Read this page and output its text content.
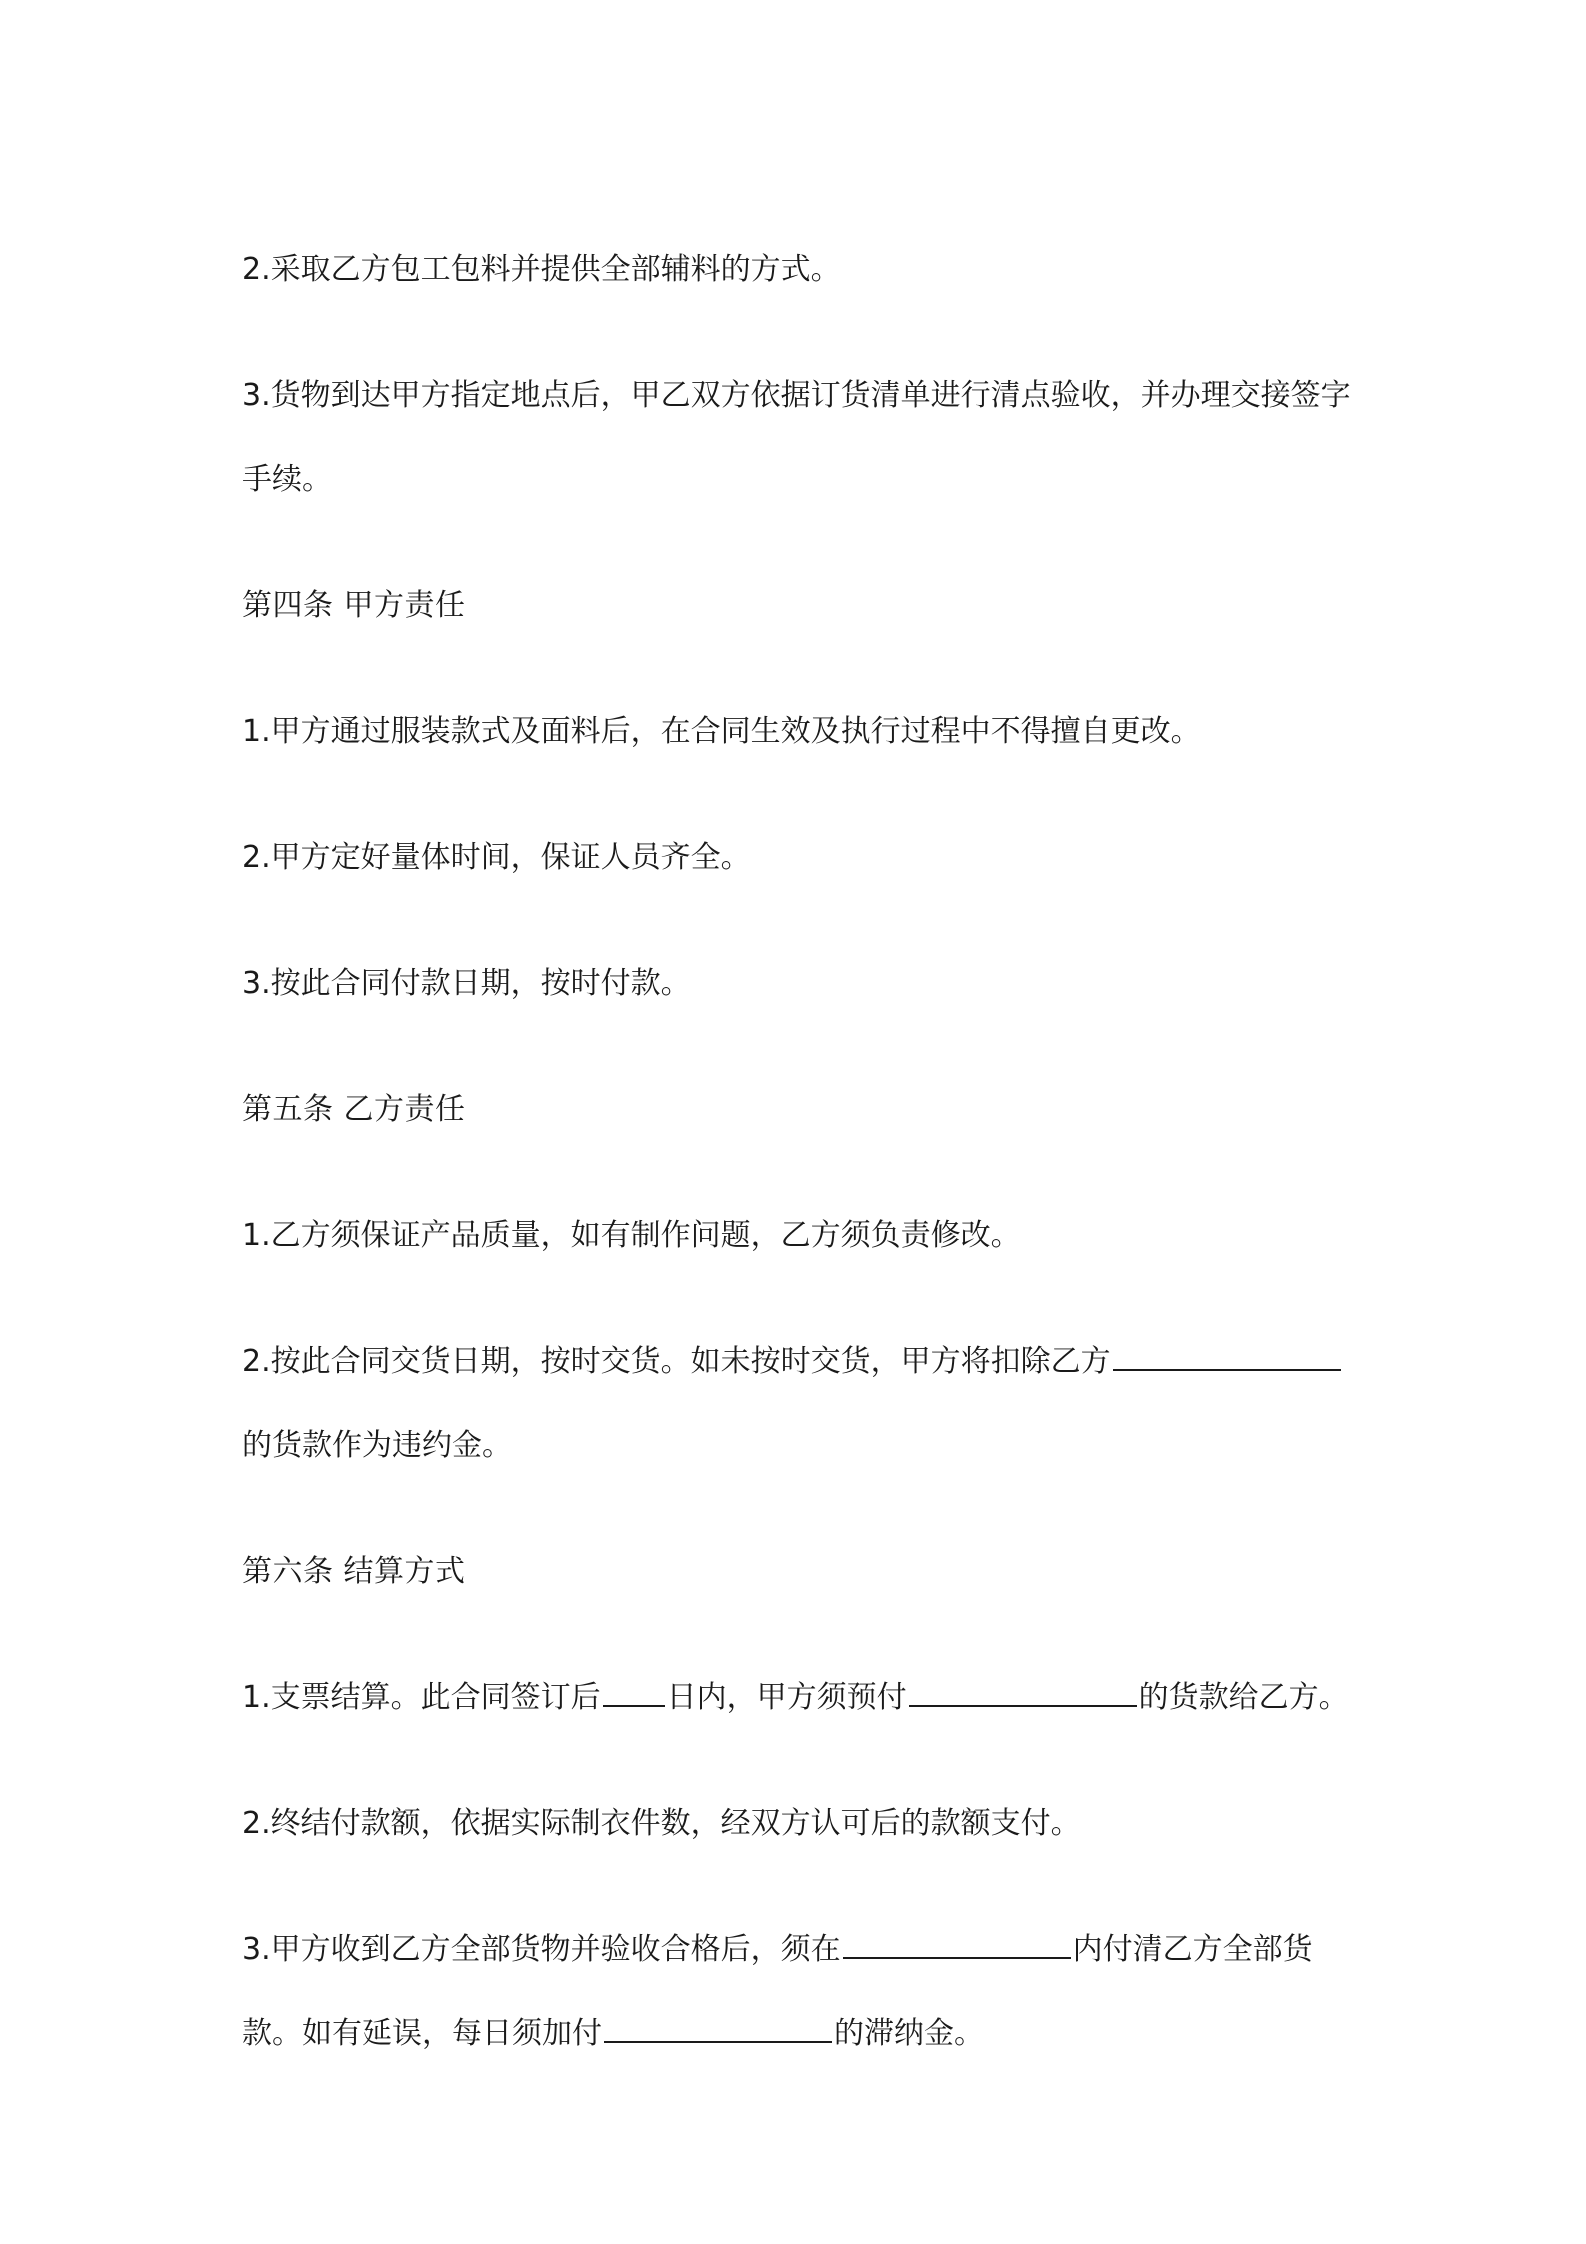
2.采取乙方包工包料并提供全部辅料的方式。

3.货物到达甲方指定地点后，甲乙双方依据订货清单进行清点验收，并办理交接签字手续。

第四条 甲方责任

1.甲方通过服装款式及面料后，在合同生效及执行过程中不得擅自更改。

2.甲方定好量体时间，保证人员齐全。

3.按此合同付款日期，按时付款。

第五条 乙方责任

1.乙方须保证产品质量，如有制作问题，乙方须负责修改。

2.按此合同交货日期，按时交货。如未按时交货，甲方将扣除乙方的货款作为违约金。

第六条 结算方式

1.支票结算。此合同签订后 日内，甲方须预付	的货款给乙方。

2.终结付款额，依据实际制衣件数，经双方认可后的款额支付。

3.甲方收到乙方全部货物并验收合格后，须在	内付清乙方全部货款。如有延误，每日须加付	的滞纳金。
